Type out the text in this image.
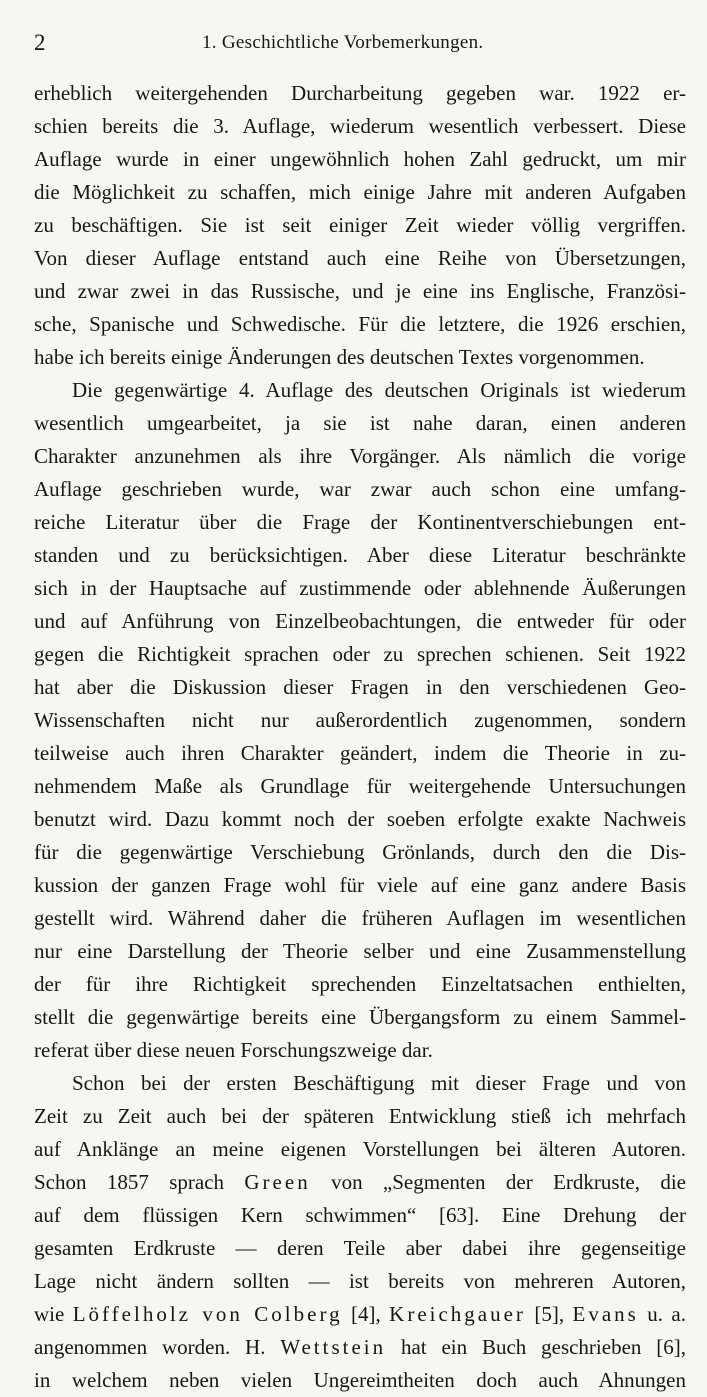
2	1. Geschichtliche Vorbemerkungen.
erheblich weitergehenden Durcharbeitung gegeben war. 1922 er-
schien bereits die 3. Auflage, wiederum wesentlich verbessert. Diese
Auflage wurde in einer ungewöhnlich hohen Zahl gedruckt, um mir
die Möglichkeit zu schaffen, mich einige Jahre mit anderen Aufgaben
zu beschäftigen. Sie ist seit einiger Zeit wieder völlig vergriffen.
Von dieser Auflage entstand auch eine Reihe von Übersetzungen,
und zwar zwei in das Russische, und je eine ins Englische, Französi-
sche, Spanische und Schwedische. Für die letztere, die 1926 erschien,
habe ich bereits einige Änderungen des deutschen Textes vorgenommen.
Die gegenwärtige 4. Auflage des deutschen Originals ist wiederum
wesentlich umgearbeitet, ja sie ist nahe daran, einen anderen
Charakter anzunehmen als ihre Vorgänger. Als nämlich die vorige
Auflage geschrieben wurde, war zwar auch schon eine umfang-
reiche Literatur über die Frage der Kontinentverschiebungen ent-
standen und zu berücksichtigen. Aber diese Literatur beschränkte
sich in der Hauptsache auf zustimmende oder ablehnende Äußerungen
und auf Anführung von Einzelbeobachtungen, die entweder für oder
gegen die Richtigkeit sprachen oder zu sprechen schienen. Seit 1922
hat aber die Diskussion dieser Fragen in den verschiedenen Geo-
Wissenschaften nicht nur außerordentlich zugenommen, sondern
teilweise auch ihren Charakter geändert, indem die Theorie in zu-
nehmendem Maße als Grundlage für weitergehende Untersuchungen
benutzt wird. Dazu kommt noch der soeben erfolgte exakte Nachweis
für die gegenwärtige Verschiebung Grönlands, durch den die Dis-
kussion der ganzen Frage wohl für viele auf eine ganz andere Basis
gestellt wird. Während daher die früheren Auflagen im wesentlichen
nur eine Darstellung der Theorie selber und eine Zusammenstellung
der für ihre Richtigkeit sprechenden Einzeltatsachen enthielten,
stellt die gegenwärtige bereits eine Übergangsform zu einem Sammel-
referat über diese neuen Forschungszweige dar.
Schon bei der ersten Beschäftigung mit dieser Frage und von
Zeit zu Zeit auch bei der späteren Entwicklung stieß ich mehrfach
auf Anklänge an meine eigenen Vorstellungen bei älteren Autoren.
Schon 1857 sprach Green von „Segmenten der Erdkruste, die
auf dem flüssigen Kern schwimmen“ [63]. Eine Drehung der
gesamten Erdkruste — deren Teile aber dabei ihre gegenseitige
Lage nicht ändern sollten — ist bereits von mehreren Autoren,
wie Löffelholz von Colberg [4], Kreichgauer [5], Evans u. a.
angenommen worden. H. Wettstein hat ein Buch geschrieben [6],
in welchem neben vielen Ungereimtheiten doch auch Ahnungen
